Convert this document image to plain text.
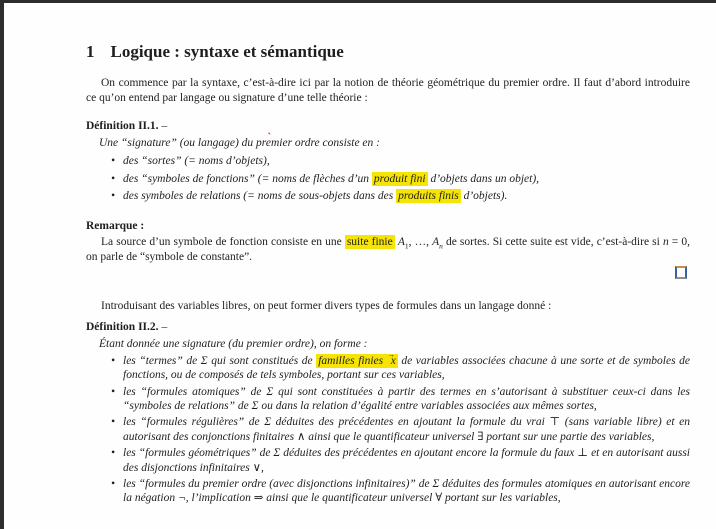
1 Logique : syntaxe et sémantique

On commence par la syntaxe, c’est-à-dire ici par la notion de théorie géométrique du premier ordre. Il faut d’abord introduire ce qu’on entend par langage ou signature d’une telle théorie :

Définition II.1. –

Une “signature” (ou langage) du pre ˋmier ordre consiste en :

• des “sortes” (= noms d’objets),
• des “symboles de fonctions” (= noms de flèches d’un produit fini d’objets dans un objet),
• des symboles de relations (= noms de sous-objets dans des produits finis d’objets).
Remarque :

La source d’un symbole de fonction consiste en une suite finie $A_1$, …, $A_n$ de sortes. Si cette suite est vide, c’est-à-dire si n = 0, on parle de “symbole de constante”.

Introduisant des variables libres, on peut former divers types de formules dans un langage donné :

Définition II.2. –

Étant donnée une signature (du premier ordre), on forme :

• les “termes” de Σ qui sont constitués de familles finies x → de variables associées chacune à une sorte et de symboles de fonctions, ou de composés de tels symboles, portant sur ces variables,
• les “formules atomiques” de Σ qui sont constituées à partir des termes en s’autorisant à substituer ceux-ci dans les “symboles de relations” de Σ ou dans la relation d’égalité entre variables associées aux mêmes sortes,
• les “formules régulières” de Σ déduites des précédentes en ajoutant la formule du vrai ⊤ (sans variable libre) et en autorisant des conjonctions finitaires ∧ ainsi que le quantificateur universel ∃ portant sur une partie des variables,
• les “formules géométriques” de Σ déduites des précédentes en ajoutant encore la formule du faux ⊥ et en autorisant aussi des disjonctions infinitaires ∨,
• les “formules du premier ordre (avec disjonctions infinitaires)” de Σ déduites des formules atomiques en autorisant encore la négation ¬, l’implication ⇒ ainsi que le quantificateur universel ∀ portant sur les variables,
